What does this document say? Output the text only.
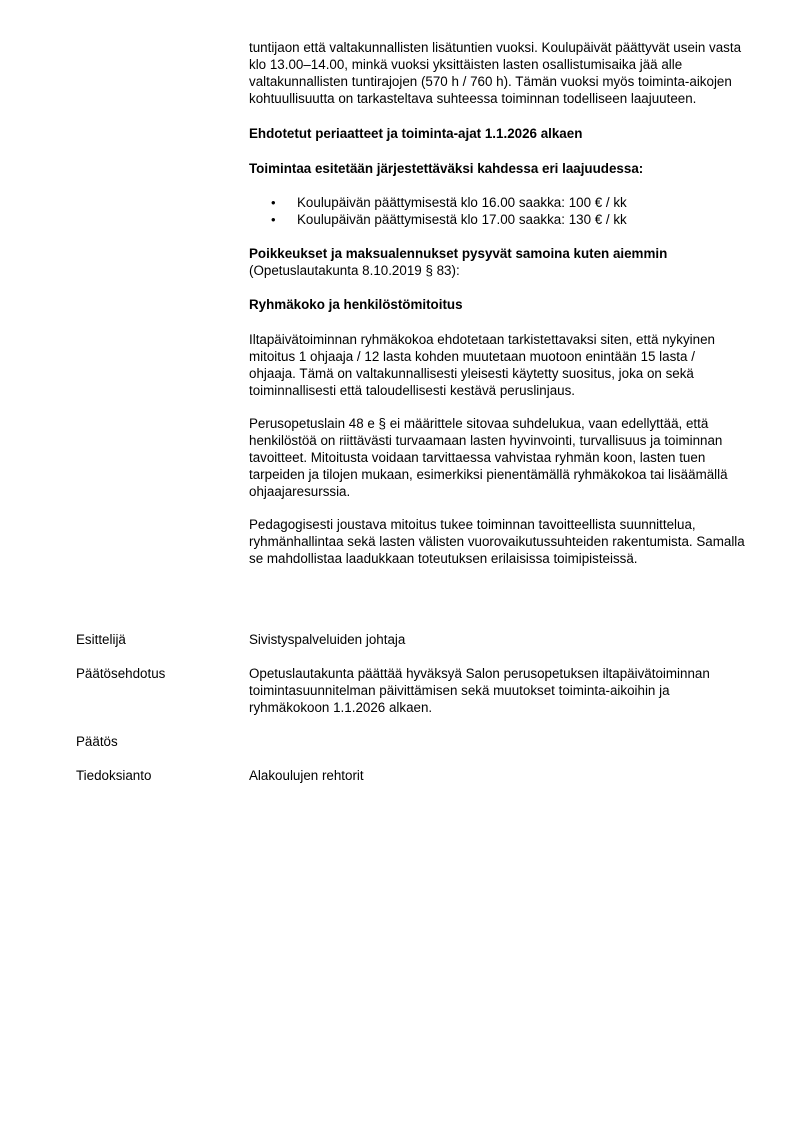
tuntijaon että valtakunnallisten lisätuntien vuoksi. Koulupäivät päättyvät usein vasta klo 13.00–14.00, minkä vuoksi yksittäisten lasten osallistumisaika jää alle valtakunnallisten tuntirajojen (570 h / 760 h). Tämän vuoksi myös toiminta-aikojen kohtuullisuutta on tarkasteltava suhteessa toiminnan todelliseen laajuuteen.

Ehdotetut periaatteet ja toiminta-ajat 1.1.2026 alkaen

Toimintaa esitetään järjestettäväksi kahdessa eri laajuudessa:

• Koulupäivän päättymisestä klo 16.00 saakka: 100 € / kk
• Koulupäivän päättymisestä klo 17.00 saakka: 130 € / kk

Poikkeukset ja maksualennukset pysyvät samoina kuten aiemmin
(Opetuslautakunta 8.10.2019 § 83):

Ryhmäkoko ja henkilöstömitoitus

Iltapäivätoiminnan ryhmäkokoa ehdotetaan tarkistettavaksi siten, että nykyinen mitoitus 1 ohjaaja / 12 lasta kohden muutetaan muotoon enintään 15 lasta / ohjaaja. Tämä on valtakunnallisesti yleisesti käytetty suositus, joka on sekä toiminnallisesti että taloudellisesti kestävä peruslinjaus.

Perusopetuslain 48 e § ei määrittele sitovaa suhdelukua, vaan edellyttää, että henkilöstöä on riittävästi turvaamaan lasten hyvinvointi, turvallisuus ja toiminnan tavoitteet. Mitoitusta voidaan tarvittaessa vahvistaa ryhmän koon, lasten tuen tarpeiden ja tilojen mukaan, esimerkiksi pienentämällä ryhmäkokoa tai lisäämällä ohjaajaresurssia.

Pedagogisesti joustava mitoitus tukee toiminnan tavoitteellista suunnittelua, ryhmänhallintaa sekä lasten välisten vuorovaikutussuhteiden rakentumista. Samalla se mahdollistaa laadukkaan toteutuksen erilaisissa toimipisteissä.

Esittelijä	Sivistyspalveluiden johtaja
Päätösehdotus	Opetuslautakunta päättää hyväksyä Salon perusopetuksen iltapäivätoiminnan toimintasuunnitelman päivittämisen sekä muutokset toiminta-aikoihin ja ryhmäkokoon 1.1.2026 alkaen.
Päätös
Tiedoksianto	Alakoulujen rehtorit
